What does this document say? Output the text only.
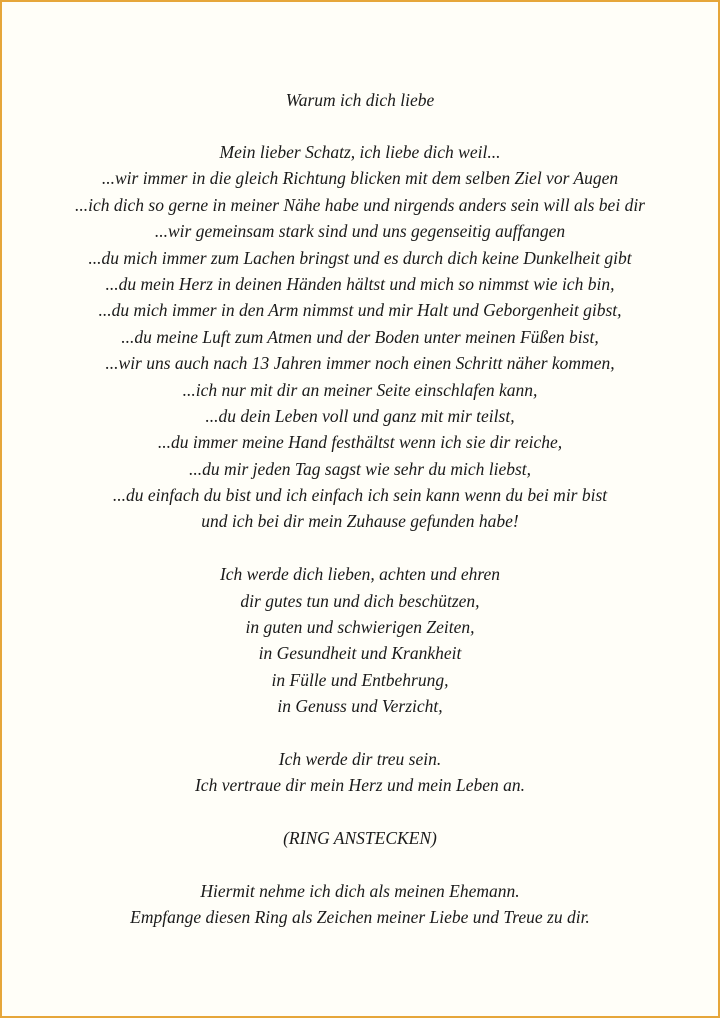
Warum ich dich liebe
Mein lieber Schatz, ich liebe dich weil...
...wir immer in die gleich Richtung blicken mit dem selben Ziel vor Augen
...ich dich so gerne in meiner Nähe habe und nirgends anders sein will als bei dir
...wir gemeinsam stark sind und uns gegenseitig auffangen
...du mich immer zum Lachen bringst und es durch dich keine Dunkelheit gibt
...du mein Herz in deinen Händen hältst und mich so nimmst wie ich bin,
...du mich immer in den Arm nimmst und mir Halt und Geborgenheit gibst,
...du meine Luft zum Atmen und der Boden unter meinen Füßen bist,
...wir uns auch nach 13 Jahren immer noch einen Schritt näher kommen,
...ich nur mit dir an meiner Seite einschlafen kann,
...du dein Leben voll und ganz mit mir teilst,
...du immer meine Hand festhältst wenn ich sie dir reiche,
...du mir jeden Tag sagst wie sehr du mich liebst,
...du einfach du bist und ich einfach ich sein kann wenn du bei mir bist
und ich bei dir mein Zuhause gefunden habe!
Ich werde dich lieben, achten und ehren
dir gutes tun und dich beschützen,
in guten und schwierigen Zeiten,
in Gesundheit und Krankheit
in Fülle und Entbehrung,
in Genuss und Verzicht,
Ich werde dir treu sein.
Ich vertraue dir mein Herz und mein Leben an.
(RING ANSTECKEN)
Hiermit nehme ich dich als meinen Ehemann.
Empfange diesen Ring als Zeichen meiner Liebe und Treue zu dir.
